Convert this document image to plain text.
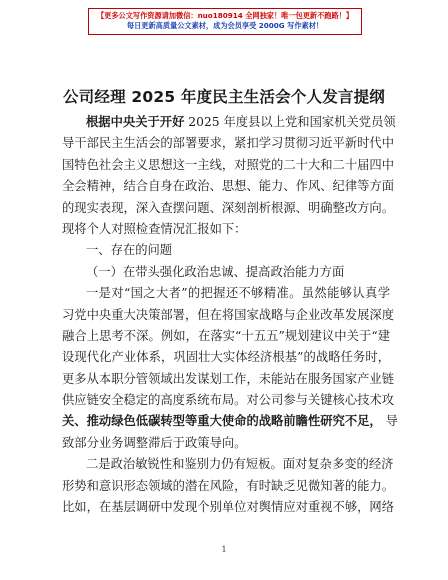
【更多公文写作资源请加微信：nuo180914 全网独家！唯一包更新不跑路！】
每日更新高质量公文素材，成为会员享受 2000G 写作素材！
公司经理 2025 年度民主生活会个人发言提纲
根据中央关于开好 2025 年度县以上党和国家机关党员领
导干部民主生活会的部署要求，紧扣学习贯彻习近平新时代中
国特色社会主义思想这一主线，对照党的二十大和二十届四中
全会精神，结合自身在政治、思想、能力、作风、纪律等方面
的现实表现，深入查摆问题、深刻剖析根源、明确整改方向。
现将个人对照检查情况汇报如下：
一、存在的问题
（一）在带头强化政治忠诚、提高政治能力方面
一是对“国之大者”的把握还不够精准。虽然能够认真学
习党中央重大决策部署，但在将国家战略与企业改革发展深度
融合上思考不深。例如，在落实“十五五”规划建议中关于“建
设现代化产业体系，巩固壮大实体经济根基”的战略任务时，
更多从本职分管领域出发谋划工作，未能站在服务国家产业链
供应链安全稳定的高度系统布局。对公司参与关键核心技术攻
关、推动绿色低碳转型等重大使命的战略前瞻性研究不足， 导
致部分业务调整滞后于政策导向。
二是政治敏锐性和鉴别力仍有短板。面对复杂多变的经济
形势和意识形态领域的潜在风险，有时缺乏见微知著的能力。
比如，在基层调研中发现个别单位对舆情应对重视不够，网络
1
